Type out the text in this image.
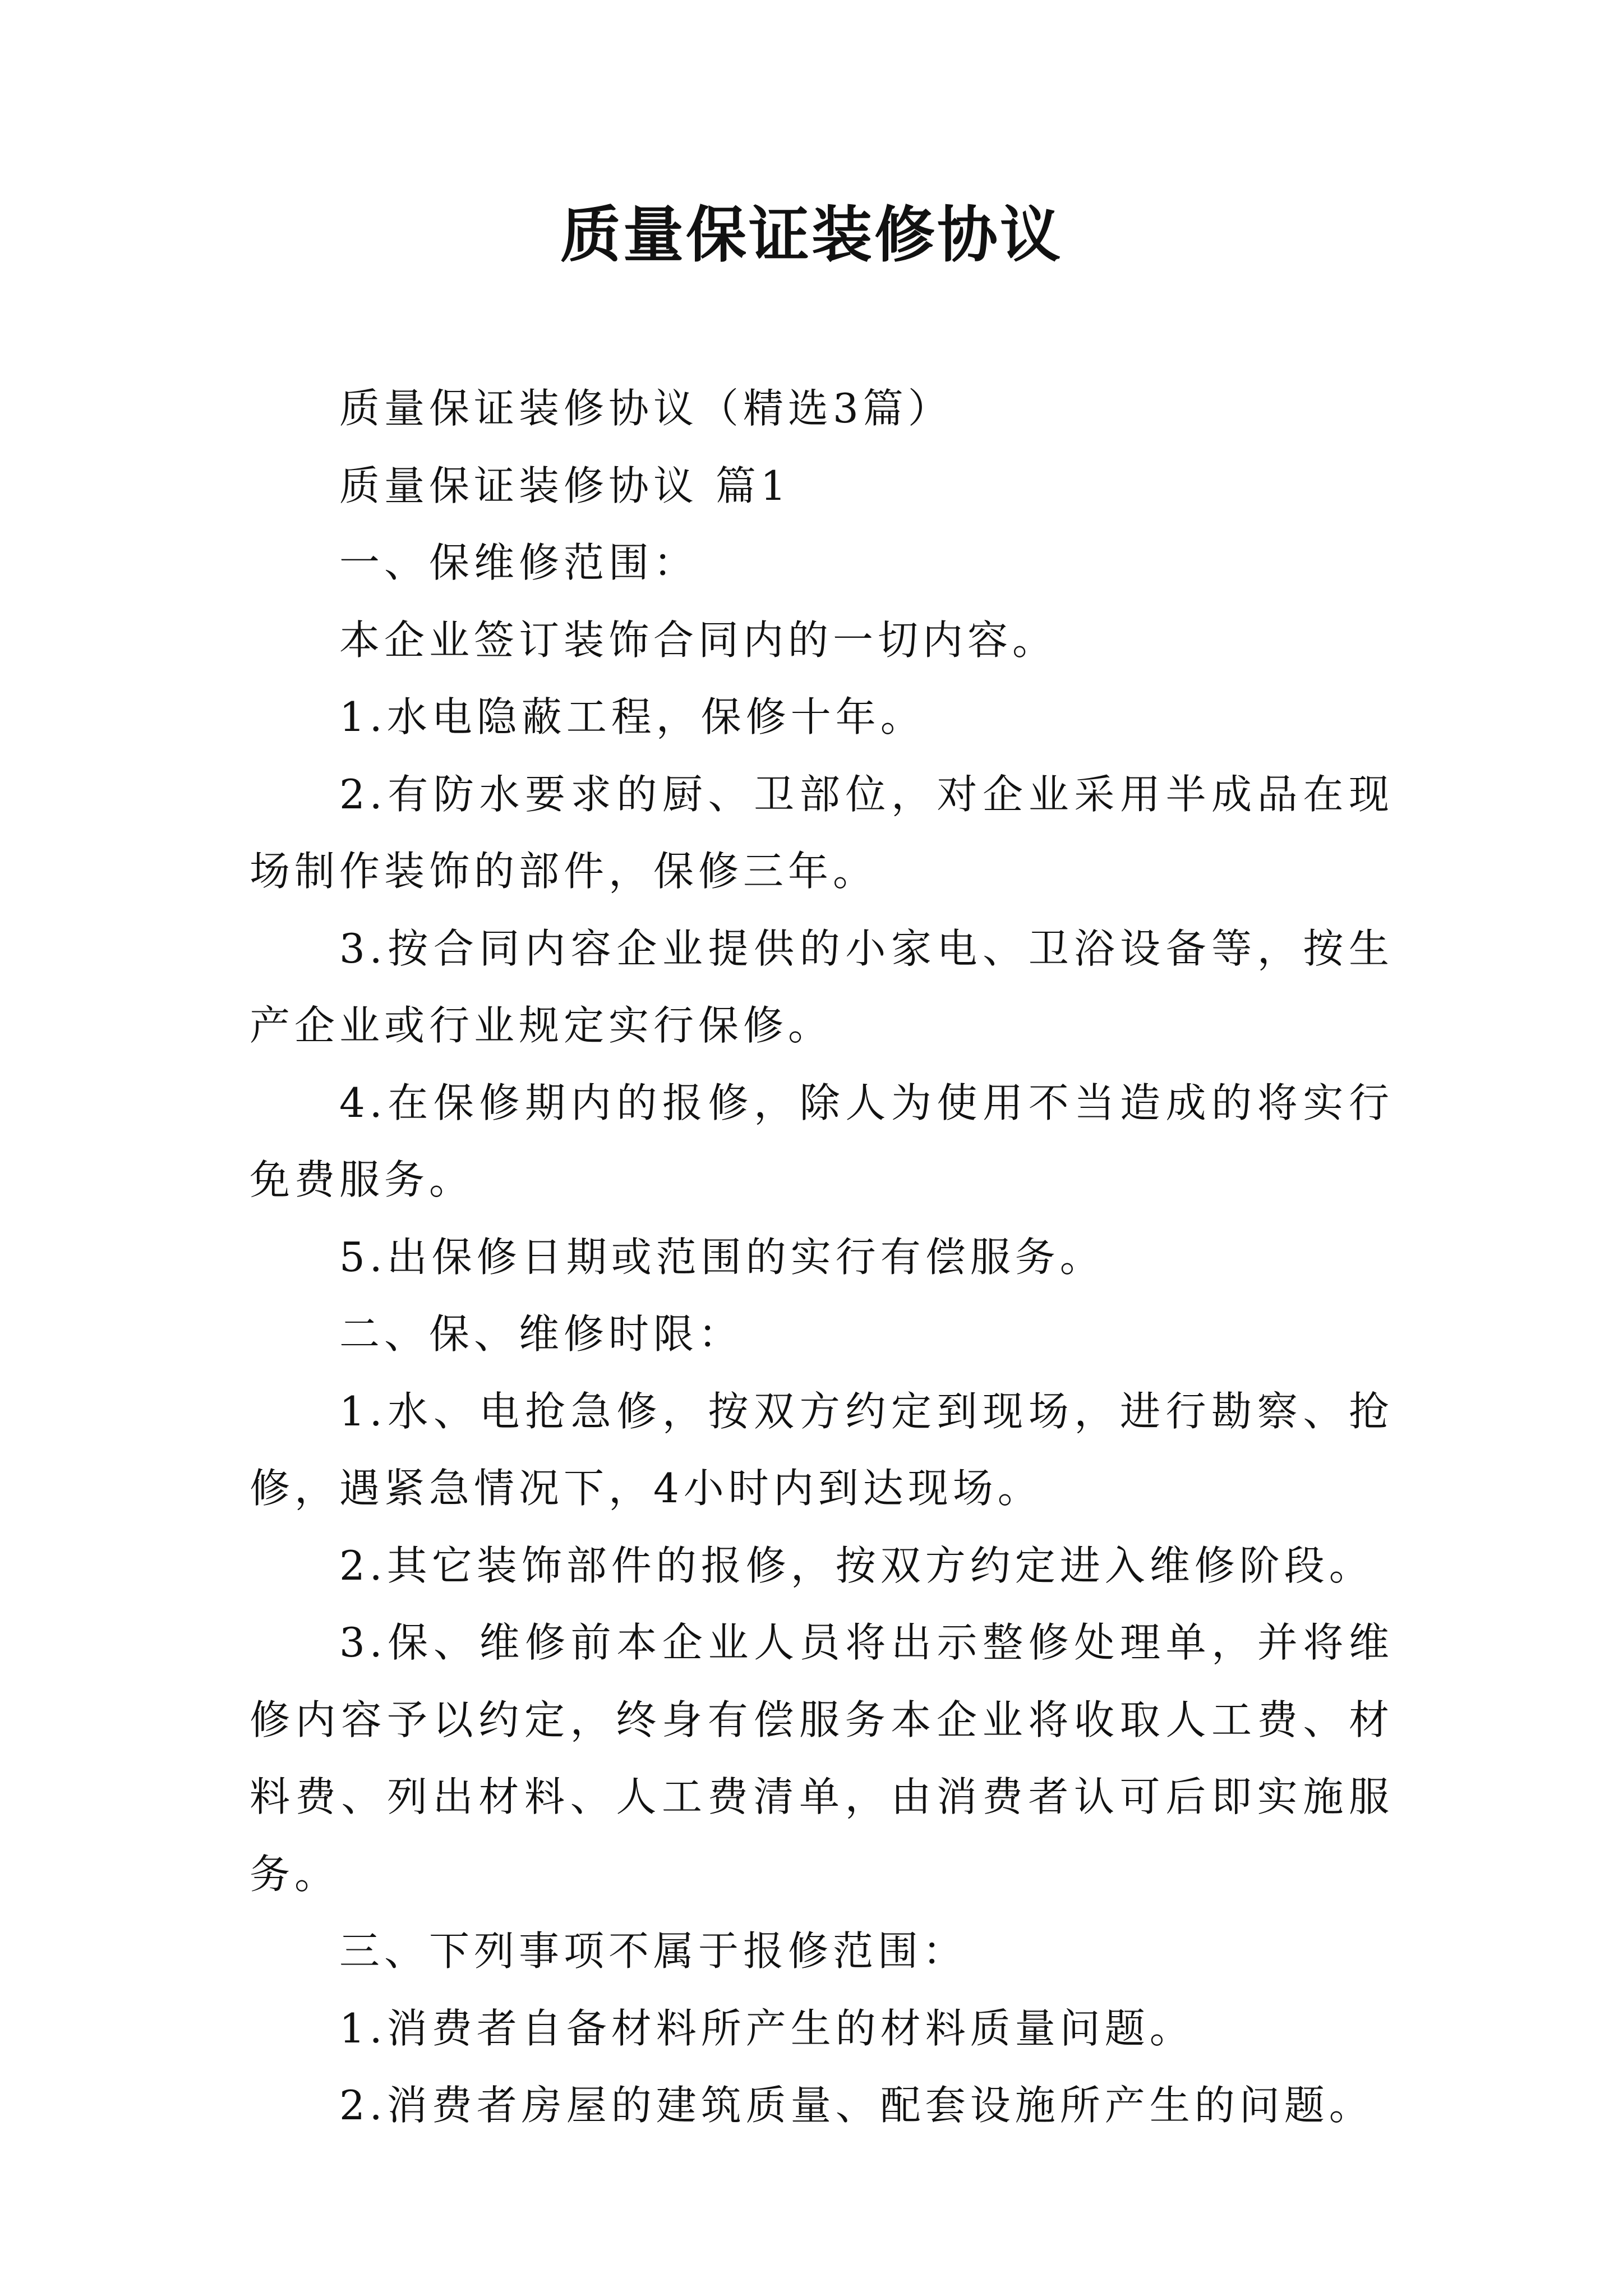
质量保证装修协议

质量保证装修协议（精选3篇）

质量保证装修协议 篇1

一、保维修范围：

本企业签订装饰合同内的一切内容。

1.水电隐蔽工程，保修十年。

2.有防水要求的厨、卫部位，对企业采用半成品在现场制作装饰的部件，保修三年。

3.按合同内容企业提供的小家电、卫浴设备等，按生产企业或行业规定实行保修。

4.在保修期内的报修，除人为使用不当造成的将实行免费服务。

5.出保修日期或范围的实行有偿服务。

二、保、维修时限：

1.水、电抢急修，按双方约定到现场，进行勘察、抢修，遇紧急情况下，4小时内到达现场。

2.其它装饰部件的报修，按双方约定进入维修阶段。

3.保、维修前本企业人员将出示整修处理单，并将维修内容予以约定，终身有偿服务本企业将收取人工费、材料费、列出材料、人工费清单，由消费者认可后即实施服务。

三、下列事项不属于报修范围：

1.消费者自备材料所产生的材料质量问题。

2.消费者房屋的建筑质量、配套设施所产生的问题。
